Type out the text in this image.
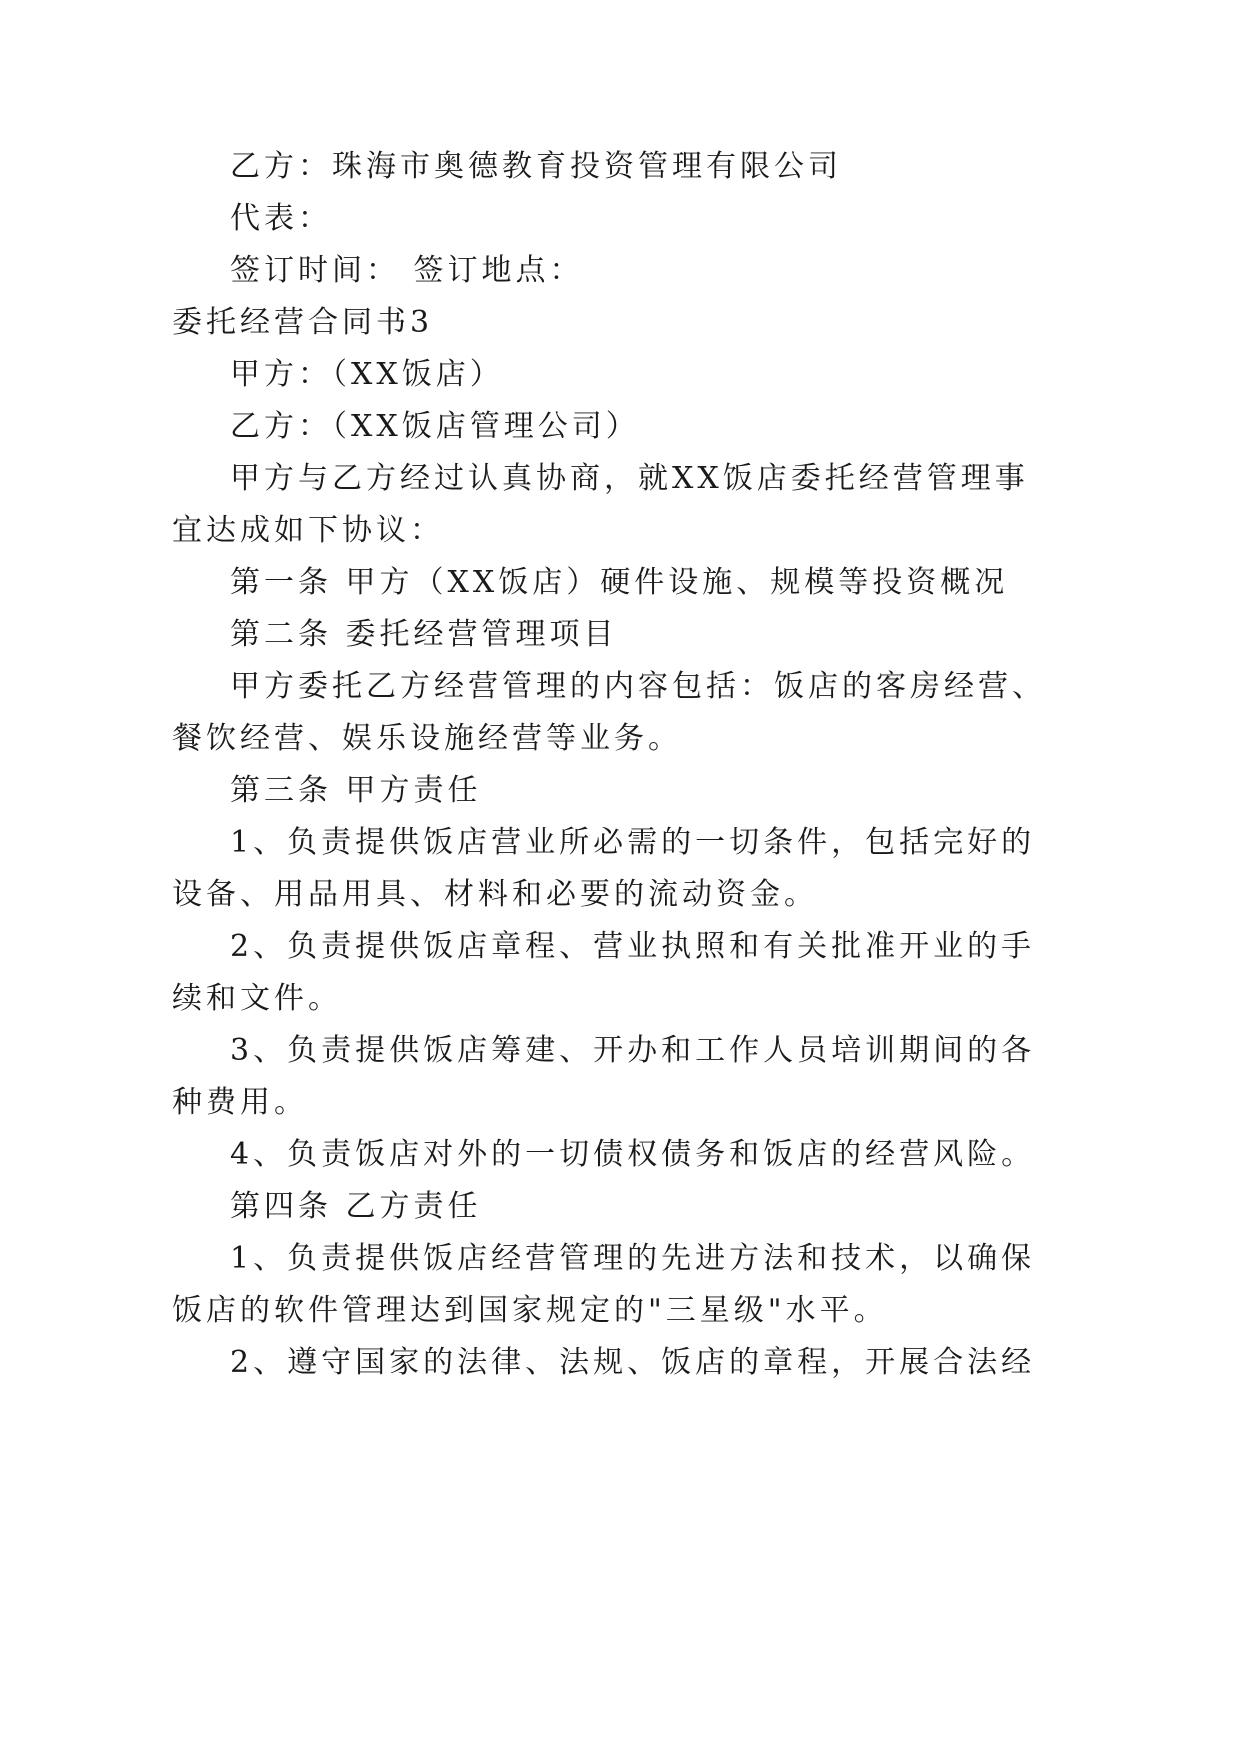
乙方：珠海市奥德教育投资管理有限公司

代表：

签订时间： 签订地点：

委托经营合同书3

甲方：（XX饭店）

乙方：（XX饭店管理公司）

甲方与乙方经过认真协商，就XX饭店委托经营管理事

宜达成如下协议：

第一条 甲方（XX饭店）硬件设施、规模等投资概况

第二条 委托经营管理项目

甲方委托乙方经营管理的内容包括：饭店的客房经营、

餐饮经营、娱乐设施经营等业务。

第三条 甲方责任

1、负责提供饭店营业所必需的一切条件，包括完好的

设备、用品用具、材料和必要的流动资金。

2、负责提供饭店章程、营业执照和有关批准开业的手

续和文件。

3、负责提供饭店筹建、开办和工作人员培训期间的各

种费用。

4、负责饭店对外的一切债权债务和饭店的经营风险。

第四条 乙方责任

1、负责提供饭店经营管理的先进方法和技术，以确保

饭店的软件管理达到国家规定的"三星级"水平。

2、遵守国家的法律、法规、饭店的章程，开展合法经
